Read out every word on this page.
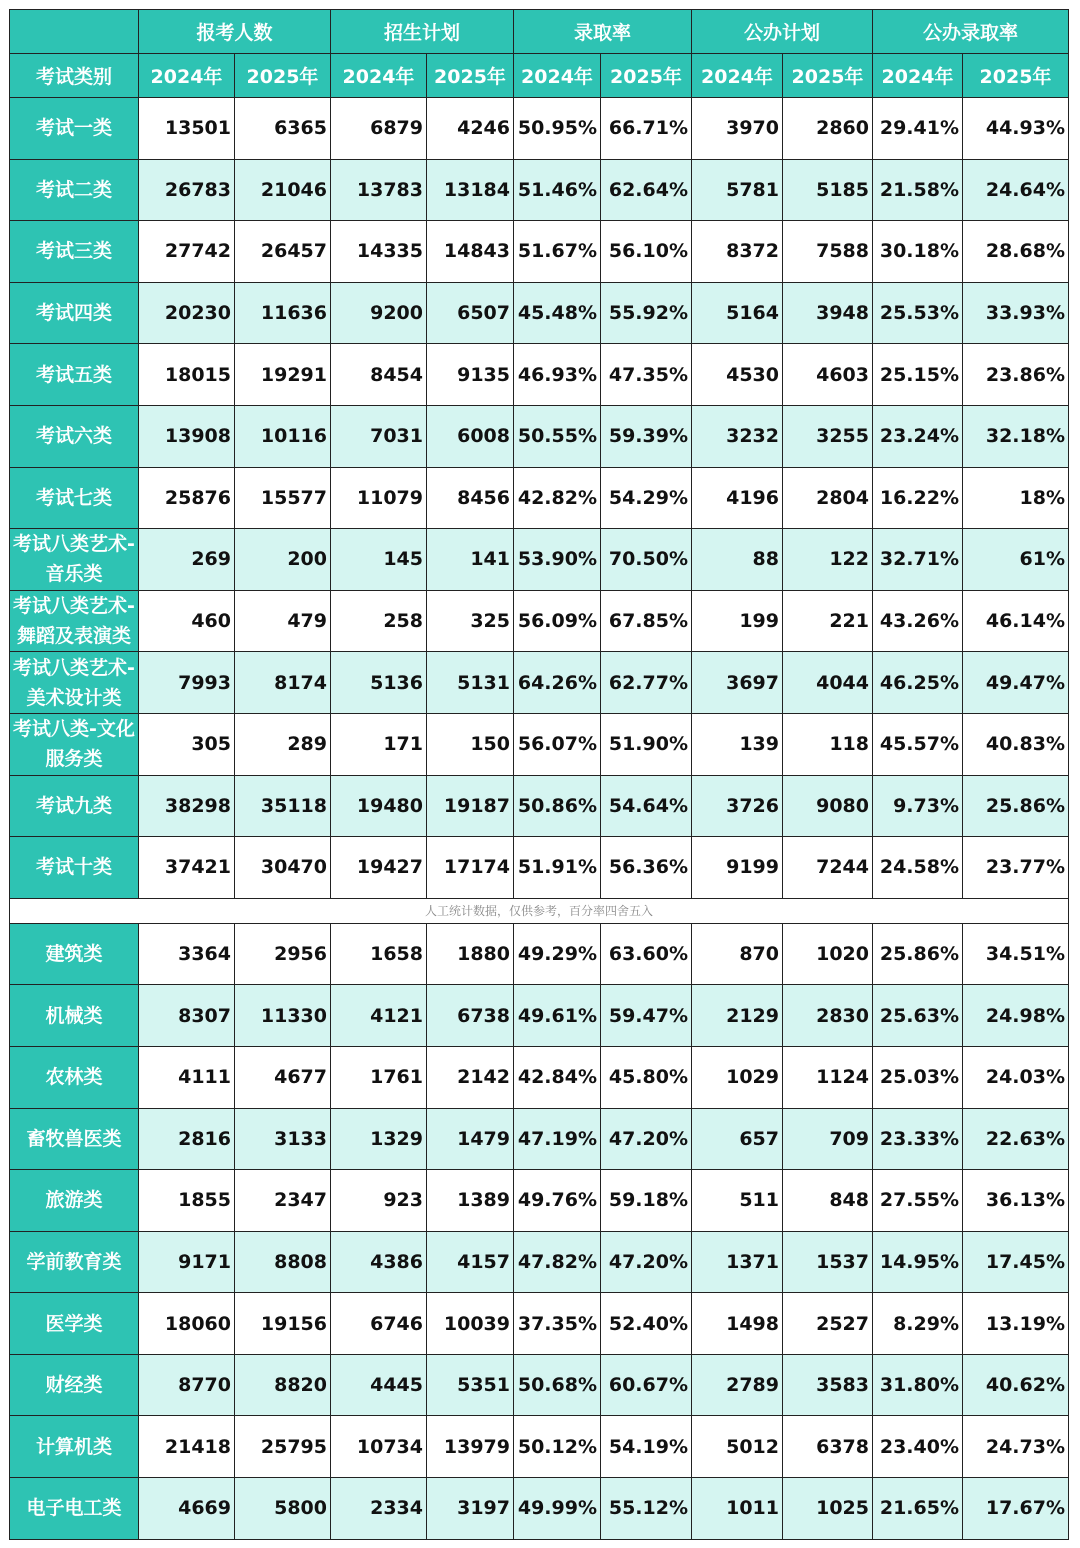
	报考人数		招生计划		录取率		公办计划		公办录取率	
考试类别	2024年	2025年	2024年	2025年	2024年	2025年	2024年	2025年	2024年	2025年
考试一类	13501	6365	6879	4246	50.95%	66.71%	3970	2860	29.41%	44.93%
考试二类	26783	21046	13783	13184	51.46%	62.64%	5781	5185	21.58%	24.64%
考试三类	27742	26457	14335	14843	51.67%	56.10%	8372	7588	30.18%	28.68%
考试四类	20230	11636	9200	6507	45.48%	55.92%	5164	3948	25.53%	33.93%
考试五类	18015	19291	8454	9135	46.93%	47.35%	4530	4603	25.15%	23.86%
考试六类	13908	10116	7031	6008	50.55%	59.39%	3232	3255	23.24%	32.18%
考试七类	25876	15577	11079	8456	42.82%	54.29%	4196	2804	16.22%	18%
考试八类艺术-音乐类	269	200	145	141	53.90%	70.50%	88	122	32.71%	61%
考试八类艺术-舞蹈及表演类	460	479	258	325	56.09%	67.85%	199	221	43.26%	46.14%
考试八类艺术-美术设计类	7993	8174	5136	5131	64.26%	62.77%	3697	4044	46.25%	49.47%
考试八类-文化服务类	305	289	171	150	56.07%	51.90%	139	118	45.57%	40.83%
考试九类	38298	35118	19480	19187	50.86%	54.64%	3726	9080	9.73%	25.86%
考试十类	37421	30470	19427	17174	51.91%	56.36%	9199	7244	24.58%	23.77%
人工统计数据，仅供参考，百分率四舍五入										
建筑类	3364	2956	1658	1880	49.29%	63.60%	870	1020	25.86%	34.51%
机械类	8307	11330	4121	6738	49.61%	59.47%	2129	2830	25.63%	24.98%
农林类	4111	4677	1761	2142	42.84%	45.80%	1029	1124	25.03%	24.03%
畜牧兽医类	2816	3133	1329	1479	47.19%	47.20%	657	709	23.33%	22.63%
旅游类	1855	2347	923	1389	49.76%	59.18%	511	848	27.55%	36.13%
学前教育类	9171	8808	4386	4157	47.82%	47.20%	1371	1537	14.95%	17.45%
医学类	18060	19156	6746	10039	37.35%	52.40%	1498	2527	8.29%	13.19%
财经类	8770	8820	4445	5351	50.68%	60.67%	2789	3583	31.80%	40.62%
计算机类	21418	25795	10734	13979	50.12%	54.19%	5012	6378	23.40%	24.73%
电子电工类	4669	5800	2334	3197	49.99%	55.12%	1011	1025	21.65%	17.67%
